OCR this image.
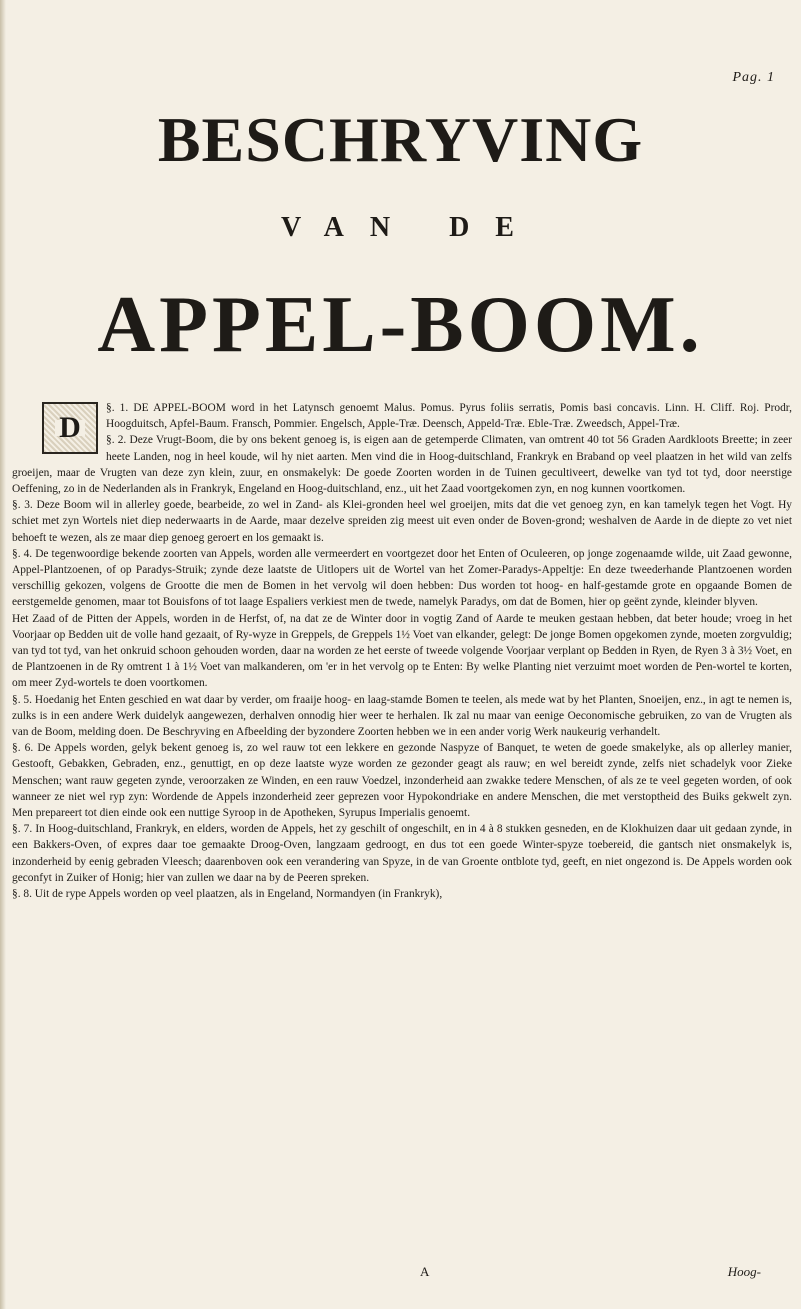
Pag. 1
BESCHRYVING
VAN DE
APPEL-BOOM.
D

§. 1. DE APPEL-BOOM word in het Latynsch genoemt Malus. Pomus. Pyrus foliis serratis, Pomis basi concavis. Linn. H. Cliff. Roj. Prodr, Hoogduitsch, Apfel-Baum. Fransch, Pommier. Engelsch, Apple-Træ. Deensch, Appeld-Træ. Eble-Træ. Zweedsch, Appel-Træ.

§. 2. Deze Vrugt-Boom, die by ons bekent genoeg is, is eigen aan de getemperde Climaten, van omtrent 40 tot 56 Graden Aardkloots Breette; in zeer heete Landen, nog in heel koude, wil hy niet aarten. Men vind die in Hoog-duitschland, Frankryk en Braband op veel plaatzen in het wild van zelfs groeijen, maar de Vrugten van deze zyn klein, zuur, en onsmakelyk: De goede Zoorten worden in de Tuinen gecultiveert, dewelke van tyd tot tyd, door neerstige Oeffening, zo in de Nederlanden als in Frankryk, Engeland en Hoog-duitschland, enz., uit het Zaad voortgekomen zyn, en nog kunnen voortkomen.

§. 3. Deze Boom wil in allerley goede, bearbeide, zo wel in Zand- als Klei-gronden heel wel groeijen, mits dat die vet genoeg zyn, en kan tamelyk tegen het Vogt. Hy schiet met zyn Wortels niet diep nederwaarts in de Aarde, maar dezelve spreiden zig meest uit even onder de Boven-grond; weshalven de Aarde in de diepte zo vet niet behoeft te wezen, als ze maar diep genoeg geroert en los gemaakt is.

§. 4. De tegenwoordige bekende zoorten van Appels, worden alle vermeerdert en voortgezet door het Enten of Oculeeren, op jonge zogenaamde wilde, uit Zaad gewonne, Appel-Plantzoenen, of op Paradys-Struik; zynde deze laatste de Uitlopers uit de Wortel van het Zomer-Paradys-Appeltje: En deze tweederhande Plantzoenen worden verschillig gekozen, volgens de Grootte die men de Bomen in het vervolg wil doen hebben: Dus worden tot hoog- en half-gestamde grote en opgaande Bomen de eerstgemelde genomen, maar tot Bouisfons of tot laage Espaliers verkiest men de twede, namelyk Paradys, om dat de Bomen, hier op geënt zynde, kleinder blyven.

Het Zaad of de Pitten der Appels, worden in de Herfst, of, na dat ze de Winter door in vogtig Zand of Aarde te meuken gestaan hebben, dat beter houde; vroeg in het Voorjaar op Bedden uit de volle hand gezaait, of Ry-wyze in Greppels, de Greppels 1½ Voet van elkander, gelegt: De jonge Bomen opgekomen zynde, moeten zorgvuldig; van tyd tot tyd, van het onkruid schoon gehouden worden, daar na worden ze het eerste of tweede volgende Voorjaar verplant op Bedden in Ryen, de Ryen 3 à 3½ Voet, en de Plantzoenen in de Ry omtrent 1 à 1½ Voet van malkanderen, om 'er in het vervolg op te Enten: By welke Planting niet verzuimt moet worden de Pen-wortel te korten, om meer Zyd-wortels te doen voortkomen.

§. 5. Hoedanig het Enten geschied en wat daar by verder, om fraaije hoog- en laag-stamde Bomen te teelen, als mede wat by het Planten, Snoeijen, enz., in agt te nemen is, zulks is in een andere Werk duidelyk aangewezen, derhalven onnodig hier weer te herhalen. Ik zal nu maar van eenige Oeconomische gebruiken, zo van de Vrugten als van de Boom, melding doen. De Beschryving en Afbeelding der byzondere Zoorten hebben we in een ander vorig Werk naukeurig verhandelt.

§. 6. De Appels worden, gelyk bekent genoeg is, zo wel rauw tot een lekkere en gezonde Naspyze of Banquet, te weten de goede smakelyke, als op allerley manier, Gestooft, Gebakken, Gebraden, enz., genuttigt, en op deze laatste wyze worden ze gezonder geagt als rauw; en wel bereidt zynde, zelfs niet schadelyk voor Zieke Menschen; want rauw gegeten zynde, veroorzaken ze Winden, en een rauw Voedzel, inzonderheid aan zwakke tedere Menschen, of als ze te veel gegeten worden, of ook wanneer ze niet wel ryp zyn: Wordende de Appels inzonderheid zeer geprezen voor Hypokondriake en andere Menschen, die met verstoptheid des Buiks gekwelt zyn. Men prepareert tot dien einde ook een nuttige Syroop in de Apotheken, Syrupus Imperialis genoemt.

§. 7. In Hoog-duitschland, Frankryk, en elders, worden de Appels, het zy geschilt of ongeschilt, en in 4 à 8 stukken gesneden, en de Klokhuizen daar uit gedaan zynde, in een Bakkers-Oven, of expres daar toe gemaakte Droog-Oven, langzaam gedroogt, en dus tot een goede Winter-spyze toebereid, die gantsch niet onsmakelyk is, inzonderheid by eenig gebraden Vleesch; daarenboven ook een verandering van Spyze, in de van Groente ontblote tyd, geeft, en niet ongezond is. De Appels worden ook geconfyt in Zuiker of Honig; hier van zullen we daar na by de Peeren spreken.

§. 8. Uit de rype Appels worden op veel plaatzen, als in Engeland, Normandyen (in Frankryk),

A	Hoog-
